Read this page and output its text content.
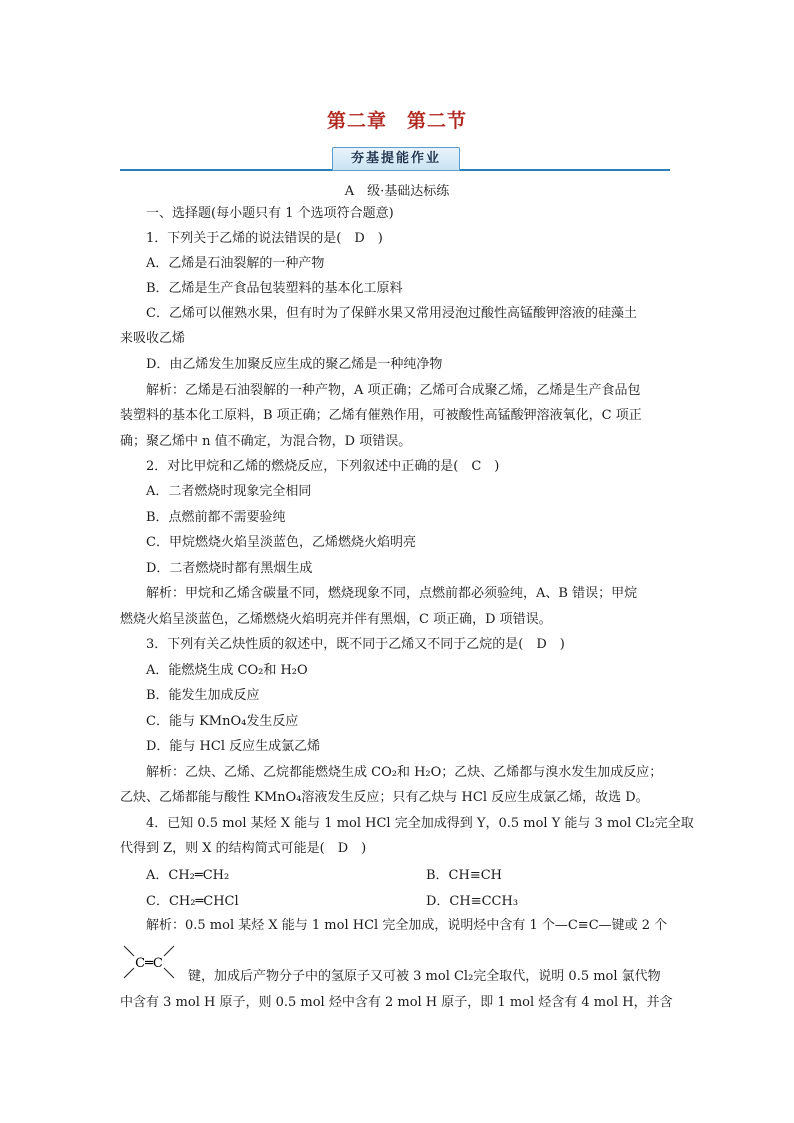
第二章　第二节
夯基提能作业
A　级·基础达标练
一、选择题(每小题只有 1 个选项符合题意)
1．下列关于乙烯的说法错误的是(　D　)
A．乙烯是石油裂解的一种产物
B．乙烯是生产食品包装塑料的基本化工原料
C．乙烯可以催熟水果，但有时为了保鲜水果又常用浸泡过酸性高锰酸钾溶液的硅藻土
来吸收乙烯
D．由乙烯发生加聚反应生成的聚乙烯是一种纯净物
解析：乙烯是石油裂解的一种产物，A 项正确；乙烯可合成聚乙烯，乙烯是生产食品包
装塑料的基本化工原料，B 项正确；乙烯有催熟作用，可被酸性高锰酸钾溶液氧化，C 项正
确；聚乙烯中 n 值不确定，为混合物，D 项错误。
2．对比甲烷和乙烯的燃烧反应，下列叙述中正确的是(　C　)
A．二者燃烧时现象完全相同
B．点燃前都不需要验纯
C．甲烷燃烧火焰呈淡蓝色，乙烯燃烧火焰明亮
D．二者燃烧时都有黑烟生成
解析：甲烷和乙烯含碳量不同，燃烧现象不同，点燃前都必须验纯，A、B 错误；甲烷
燃烧火焰呈淡蓝色，乙烯燃烧火焰明亮并伴有黑烟，C 项正确，D 项错误。
3．下列有关乙炔性质的叙述中，既不同于乙烯又不同于乙烷的是(　D　)
A．能燃烧生成 CO₂和 H₂O
B．能发生加成反应
C．能与 KMnO₄发生反应
D．能与 HCl 反应生成氯乙烯
解析：乙炔、乙烯、乙烷都能燃烧生成 CO₂和 H₂O；乙炔、乙烯都与溴水发生加成反应；
乙炔、乙烯都能与酸性 KMnO₄溶液发生反应；只有乙炔与 HCl 反应生成氯乙烯，故选 D。
4．已知 0.5 mol 某烃 X 能与 1 mol HCl 完全加成得到 Y，0.5 mol Y 能与 3 mol Cl₂完全取
代得到 Z，则 X 的结构简式可能是(　D　)
解析：0.5 mol 某烃 X 能与 1 mol HCl 完全加成，说明烃中含有 1 个—C≡C—键或 2 个
键，加成后产物分子中的氢原子又可被 3 mol Cl₂完全取代，说明 0.5 mol 氯代物
中含有 3 mol H 原子，则 0.5 mol 烃中含有 2 mol H 原子，即 1 mol 烃含有 4 mol H，并含
A．CH₂═CH₂	B．CH≡CH
C．CH₂═CHCl	D．CH≡CCH₃
C═C
